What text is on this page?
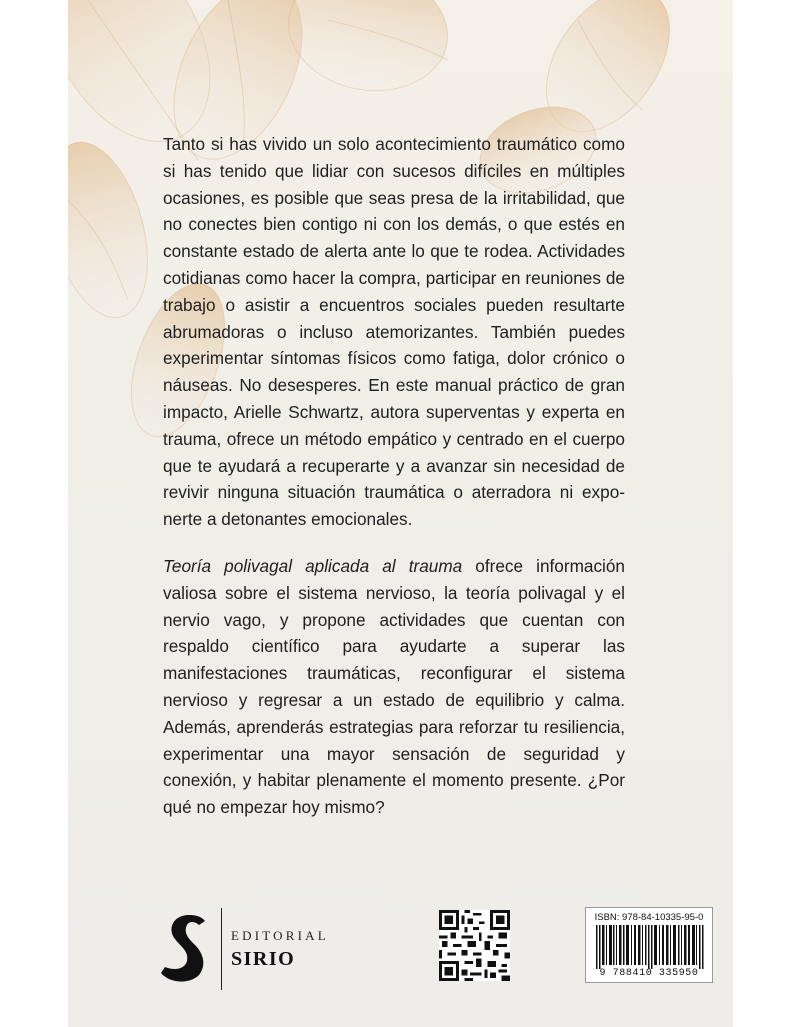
Tanto si has vivido un solo acontecimiento traumático como si has tenido que lidiar con sucesos difíciles en múltiples ocasiones, es posible que seas presa de la irritabilidad, que no conectes bien contigo ni con los demás, o que estés en constante estado de alerta ante lo que te rodea. Actividades cotidianas como hacer la compra, participar en reuniones de trabajo o asistir a encuentros sociales pueden resultarte abrumadoras o incluso atemorizantes. También puedes experimentar síntomas físicos como fatiga, dolor crónico o náuseas. No desesperes. En este manual práctico de gran impacto, Arielle Schwartz, autora superventas y experta en trauma, ofrece un método empático y centrado en el cuerpo que te ayudará a recuperarte y a avanzar sin necesidad de revivir ninguna situación traumática o aterradora ni exponerte a detonantes emocionales.

Teoría polivagal aplicada al trauma ofrece información valiosa sobre el sistema nervioso, la teoría polivagal y el nervio vago, y propone actividades que cuentan con respaldo científico para ayudarte a superar las manifestaciones traumáticas, reconfigurar el sistema nervioso y regresar a un estado de equilibrio y calma. Además, aprenderás estrategias para reforzar tu resiliencia, experimentar una mayor sensación de seguridad y conexión, y habitar plenamente el momento presente. ¿Por qué no empezar hoy mismo?

EDITORIAL
SIRIO
ISBN: 978-84-10335-95-0
9 788410 335950
